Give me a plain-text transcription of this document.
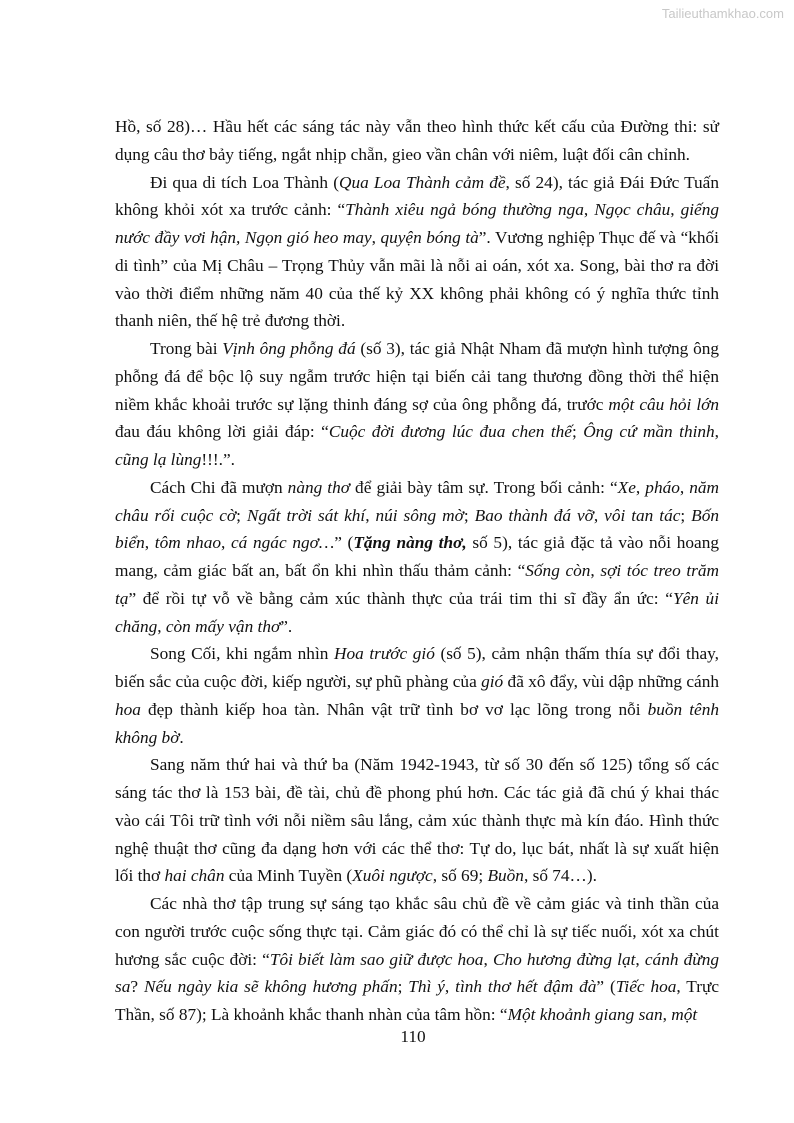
Tailieuthamkhao.com

Hồ, số 28)… Hầu hết các sáng tác này vẫn theo hình thức kết cấu của Đường thi: sử dụng câu thơ bảy tiếng, ngắt nhịp chẵn, gieo vần chân với niêm, luật đối cân chỉnh.

Đi qua di tích Loa Thành (Qua Loa Thành cảm đề, số 24), tác giả Đái Đức Tuấn không khỏi xót xa trước cảnh: “Thành xiêu ngả bóng thường nga, Ngọc châu, giếng nước đầy vơi hận, Ngọn gió heo may, quyện bóng tà”. Vương nghiệp Thục đế và “khối di tình” của Mị Châu – Trọng Thủy vẫn mãi là nỗi ai oán, xót xa. Song, bài thơ ra đời vào thời điểm những năm 40 của thế kỷ XX không phải không có ý nghĩa thức tỉnh thanh niên, thế hệ trẻ đương thời.

Trong bài Vịnh ông phỗng đá (số 3), tác giả Nhật Nham đã mượn hình tượng ông phỗng đá để bộc lộ suy ngẫm trước hiện tại biến cải tang thương đồng thời thể hiện niềm khắc khoải trước sự lặng thinh đáng sợ của ông phỗng đá, trước một câu hỏi lớn đau đáu không lời giải đáp: “Cuộc đời đương lúc đua chen thế; Ông cứ mần thinh, cũng lạ lùng!!!.”.

Cách Chi đã mượn nàng thơ để giải bày tâm sự. Trong bối cảnh: “Xe, pháo, năm châu rối cuộc cờ; Ngất trời sát khí, núi sông mờ; Bao thành đá vỡ, vôi tan tác; Bốn biển, tôm nhao, cá ngác ngơ…” (Tặng nàng thơ, số 5), tác giả đặc tả vào nỗi hoang mang, cảm giác bất an, bất ổn khi nhìn thấu thảm cảnh: “Sống còn, sợi tóc treo trăm tạ” để rồi tự vỗ về bằng cảm xúc thành thực của trái tim thi sĩ đầy ẩn ức: “Yên ủi chăng, còn mấy vận thơ”.

Song Cối, khi ngắm nhìn Hoa trước gió (số 5), cảm nhận thấm thía sự đổi thay, biến sắc của cuộc đời, kiếp người, sự phũ phàng của gió đã xô đẩy, vùi dập những cánh hoa đẹp thành kiếp hoa tàn. Nhân vật trữ tình bơ vơ lạc lõng trong nỗi buồn tênh không bờ.

Sang năm thứ hai và thứ ba (Năm 1942-1943, từ số 30 đến số 125) tổng số các sáng tác thơ là 153 bài, đề tài, chủ đề phong phú hơn. Các tác giả đã chú ý khai thác vào cái Tôi trữ tình với nỗi niềm sâu lắng, cảm xúc thành thực mà kín đáo. Hình thức nghệ thuật thơ cũng đa dạng hơn với các thể thơ: Tự do, lục bát, nhất là sự xuất hiện lối thơ hai chân của Minh Tuyền (Xuôi ngược, số 69; Buồn, số 74…).

Các nhà thơ tập trung sự sáng tạo khắc sâu chủ đề về cảm giác và tinh thần của con người trước cuộc sống thực tại. Cảm giác đó có thể chỉ là sự tiếc nuối, xót xa chút hương sắc cuộc đời: “Tôi biết làm sao giữ được hoa, Cho hương đừng lạt, cánh đừng sa? Nếu ngày kia sẽ không hương phấn; Thì ý, tình thơ hết đậm đà” (Tiếc hoa, Trực Thần, số 87); Là khoảnh khắc thanh nhàn của tâm hồn: “Một khoảnh giang san, một

110
